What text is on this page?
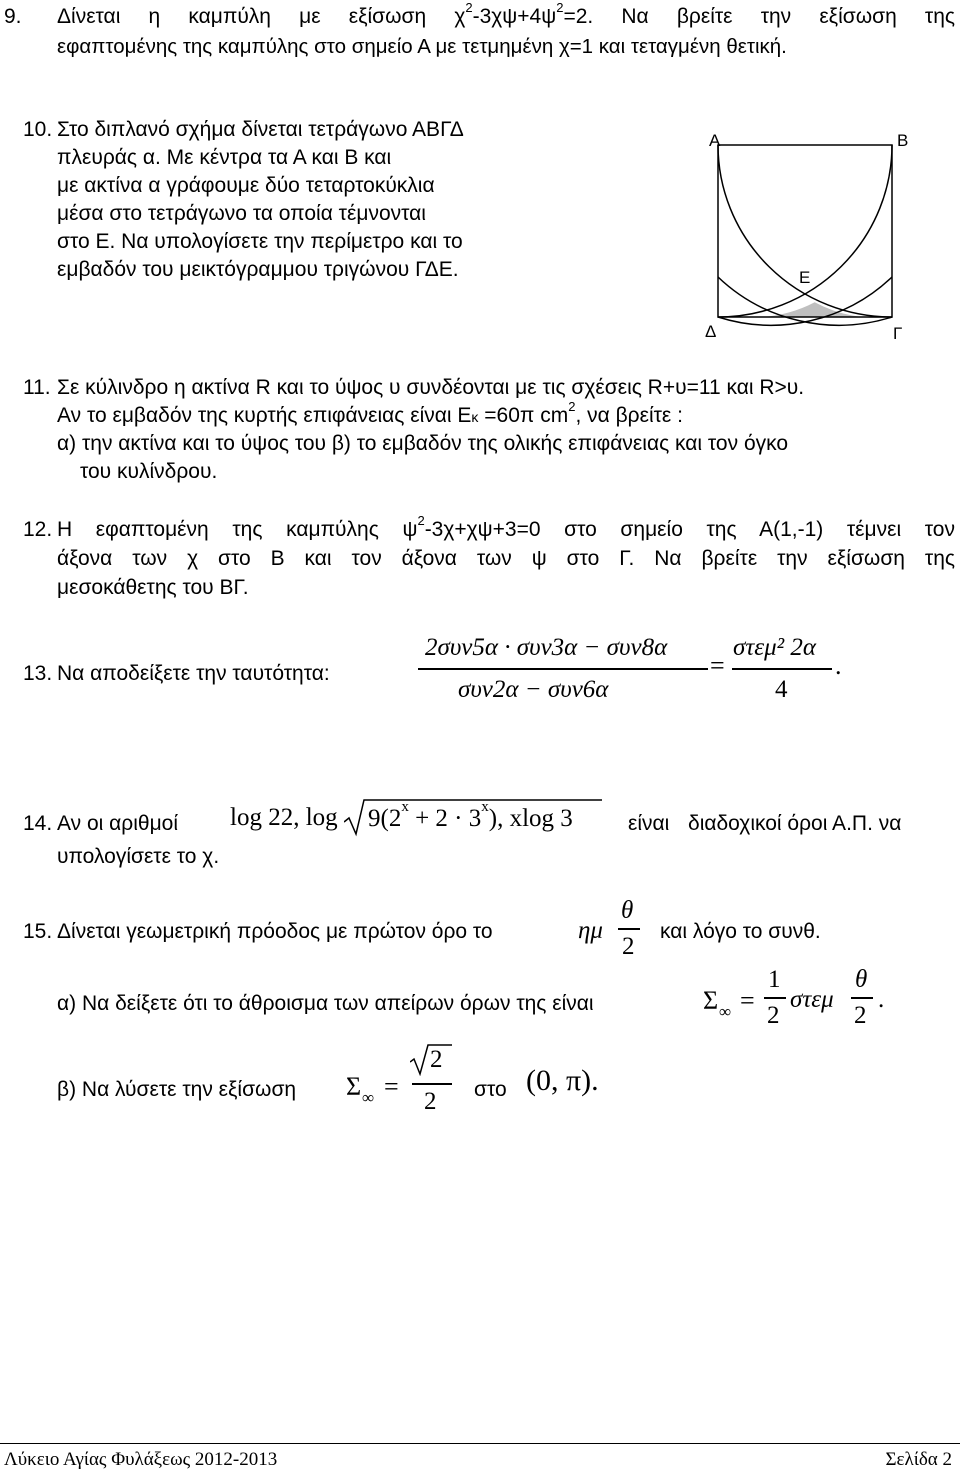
9. Δίνεται η καμπύλη με εξίσωση $\chi^2-3\chi\psi+4\psi^2=2$. Να βρείτε την εξίσωση της
εφαπτομένης της καμπύλης στο σημείο Α με τετμημένη χ=1 και τεταγμένη θετική.
10. Στο διπλανό σχήμα δίνεται τετράγωνο ΑΒΓΔ
πλευράς α. Με κέντρα τα Α και Β και
με ακτίνα α γράφουμε δύο τεταρτοκύκλια
μέσα στο τετράγωνο τα οποία τέμνονται
στο Ε. Να υπολογίσετε την περίμετρο και το
εμβαδόν του μεικτόγραμμου τριγώνου ΓΔΕ.
Α	Β
Ε
Δ	Γ
11. Σε κύλινδρο η ακτίνα R και το ύψος υ συνδέονται με τις σχέσεις R+υ=11 και R>υ.
Αν το εμβαδόν της κυρτής επιφάνειας είναι Εκ =60π $cm^2$, να βρείτε :
α) την ακτίνα και το ύψος του β) το εμβαδόν της ολικής επιφάνειας και τον όγκο
του κυλίνδρου.
12. Η εφαπτομένη της καμπύλης $\psi^2-3\chi+\chi\psi+3=0$ στο σημείο της Α(1,-1) τέμνει τον
άξονα των χ στο Β και τον άξονα των ψ στο Γ. Να βρείτε την εξίσωση της
μεσοκάθετης του ΒΓ.
13. Να αποδείξετε την ταυτότητα:
2συν5α · συν3α − συν8α
συν2α − συν6α
=
στεμ² 2α
4
.
14. Αν οι αριθμοί log 22, $\log 9(2^x + 2 \cdot 3^x)$, xlog 3	είναι διαδοχικοί όροι Α.Π. να
υπολογίσετε το χ.
15. Δίνεται γεωμετρική πρόοδος με πρώτον όρο το	ημ
θ
2
και λόγο το συνθ.
α) Να δείξετε ότι το άθροισμα των απείρων όρων της είναι	Σ ∞ =
1
2
στεμ
θ
2
.
β) Να λύσετε την εξίσωση Σ ∞ =
2
2 στο (0, π).
Λύκειο Αγίας Φυλάξεως 2012-2013	Σελίδα 2
